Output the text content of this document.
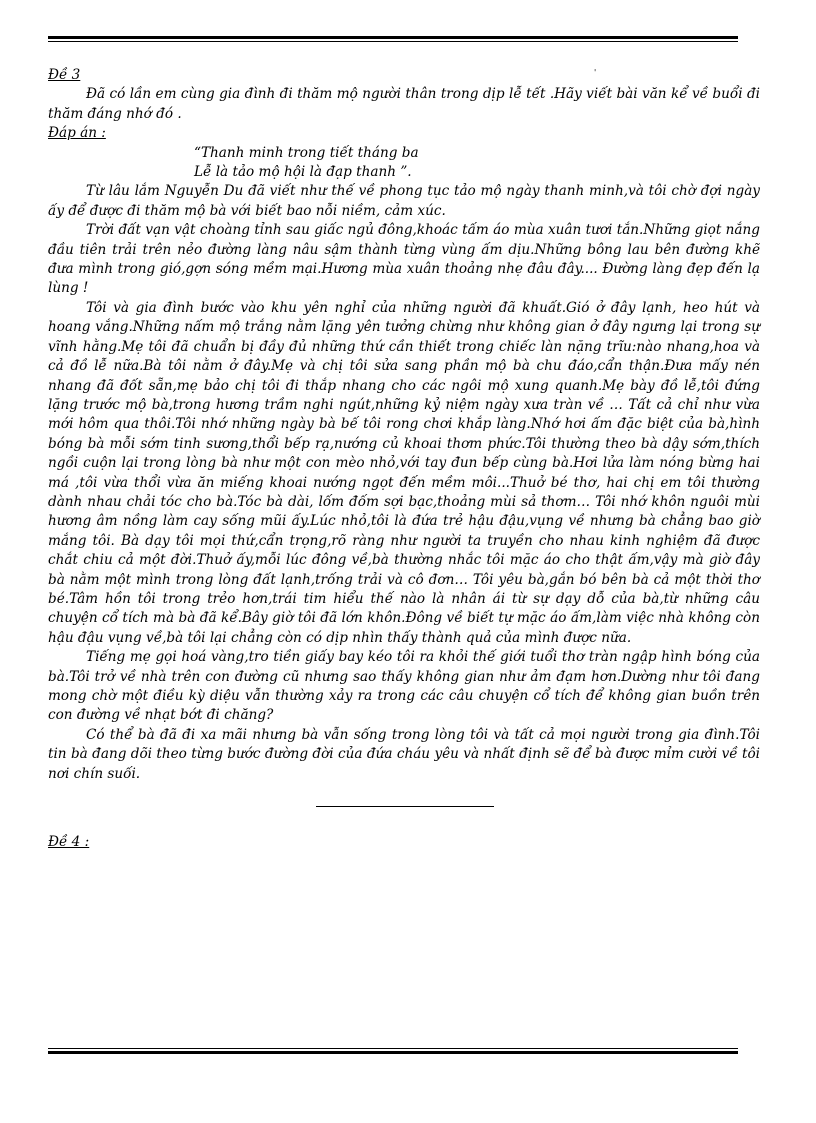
'

Đề 3

Đã có lần em cùng gia đình đi thăm mộ người thân trong dịp lễ tết .Hãy viết bài văn kể về buổi đi thăm đáng nhớ đó .

Đáp án :

“Thanh minh trong tiết tháng ba

Lễ là tảo mộ hội là đạp thanh ”.

Từ lâu lắm Nguyễn Du đã viết như thế về phong tục tảo mộ ngày thanh minh,và tôi chờ đợi ngày ấy để được đi thăm mộ bà với biết bao nỗi niềm, cảm xúc.

Trời đất vạn vật choàng tỉnh sau giấc ngủ đông,khoác tấm áo mùa xuân tươi tắn.Những giọt nắng đầu tiên trải trên nẻo đường làng nâu sậm thành từng vùng ấm dịu.Những bông lau bên đường khẽ đưa mình trong gió,gợn sóng mềm mại.Hương mùa xuân thoảng nhẹ đâu đây.... Đường làng đẹp đến lạ lùng !

Tôi và gia đình bước vào khu yên nghỉ của những người đã khuất.Gió ở đây lạnh, heo hút và hoang vắng.Những nấm mộ trắng nằm lặng yên tưởng chừng như không gian ở đây ngưng lại trong sự vĩnh hằng.Mẹ tôi đã chuẩn bị đầy đủ những thứ cần thiết trong chiếc làn nặng trĩu:nào nhang,hoa và cả đồ lễ nữa.Bà tôi nằm ở đây.Mẹ và chị tôi sửa sang phần mộ bà chu đáo,cẩn thận.Đưa mấy nén nhang đã đốt sẵn,mẹ bảo chị tôi đi thắp nhang cho các ngôi mộ xung quanh.Mẹ bày đồ lễ,tôi đứng lặng trước mộ bà,trong hương trầm nghi ngút,những kỷ niệm ngày xưa tràn về … Tất cả chỉ như vừa mới hôm qua thôi.Tôi nhớ những ngày bà bế tôi rong chơi khắp làng.Nhớ hơi ấm đặc biệt của bà,hình bóng bà mỗi sớm tinh sương,thổi bếp rạ,nướng củ khoai thơm phức.Tôi thường theo bà dậy sớm,thích ngồi cuộn lại trong lòng bà như một con mèo nhỏ,với tay đun bếp cùng bà.Hơi lửa làm nóng bừng hai má ,tôi vừa thổi vừa ăn miếng khoai nướng ngọt đến mềm môi...Thuở bé thơ, hai chị em tôi thường dành nhau chải tóc cho bà.Tóc bà dài, lốm đốm sợi bạc,thoảng mùi sả thơm… Tôi nhớ khôn nguôi mùi hương âm nồng làm cay sống mũi ấy.Lúc nhỏ,tôi là đứa trẻ hậu đậu,vụng về nhưng bà chẳng bao giờ mắng tôi. Bà dạy tôi mọi thứ,cẩn trọng,rõ ràng như người ta truyền cho nhau kinh nghiệm đã được chắt chiu cả một đời.Thuở ấy,mỗi lúc đông về,bà thường nhắc tôi mặc áo cho thật ấm,vậy mà giờ đây bà nằm một mình trong lòng đất lạnh,trống trải và cô đơn… Tôi yêu bà,gắn bó bên bà cả một thời thơ bé.Tâm hồn tôi trong trẻo hơn,trái tim hiểu thế nào là nhân ái từ sự dạy dỗ của bà,từ những câu chuyện cổ tích mà bà đã kể.Bây giờ tôi đã lớn khôn.Đông về biết tự mặc áo ấm,làm việc nhà không còn hậu đậu vụng về,bà tôi lại chẳng còn có dịp nhìn thấy thành quả của mình được nữa.

Tiếng mẹ gọi hoá vàng,tro tiền giấy bay kéo tôi ra khỏi thế giới tuổi thơ tràn ngập hình bóng của bà.Tôi trở về nhà trên con đường cũ nhưng sao thấy không gian như ảm đạm hơn.Dường như tôi đang mong chờ một điều kỳ diệu vẫn thường xảy ra trong các câu chuyện cổ tích để không gian buồn trên con đường về nhạt bớt đi chăng?

Có thể bà đã đi xa mãi nhưng bà vẫn sống trong lòng tôi và tất cả mọi người trong gia đình.Tôi tin bà đang dõi theo từng bước đường đời của đứa cháu yêu và nhất định sẽ để bà được mỉm cười về tôi nơi chín suối.

Đề 4 :
